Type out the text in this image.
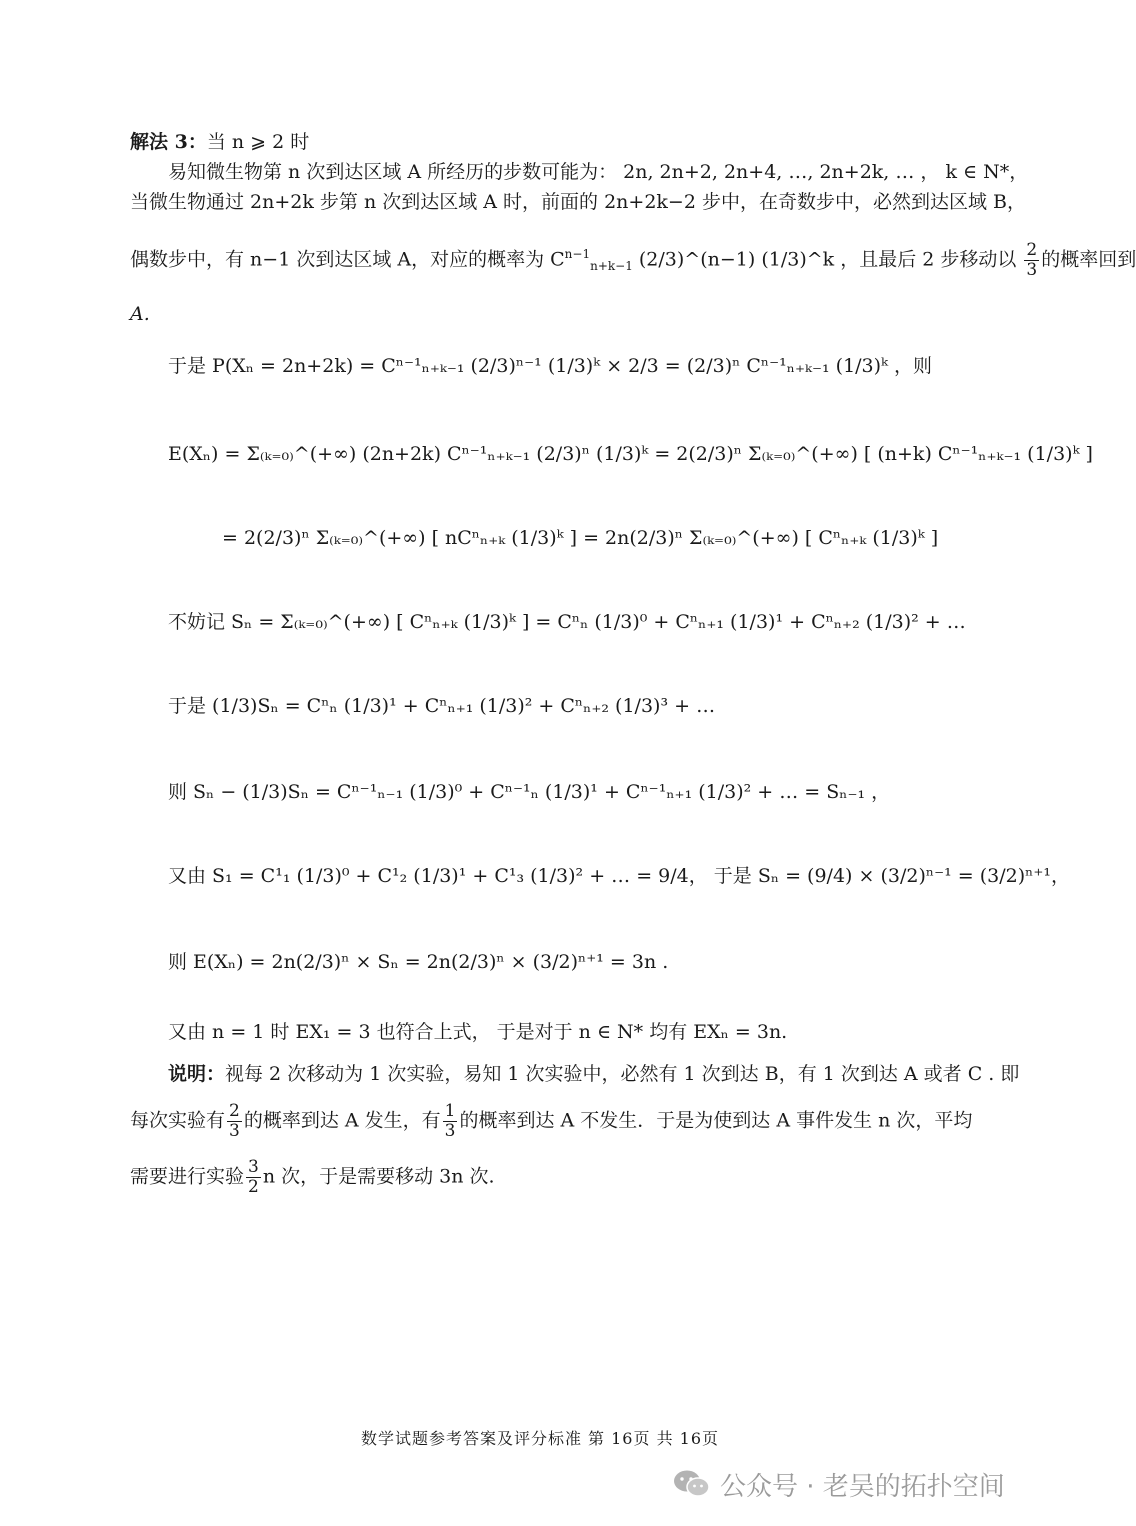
解法 3：当 n ⩾ 2 时
易知微生物第 n 次到达区域 A 所经历的步数可能为： 2n, 2n+2, 2n+4, …, 2n+2k, … ， k ∈ N*，
当微生物通过 2n+2k 步第 n 次到达区域 A 时，前面的 2n+2k−2 步中，在奇数步中，必然到达区域 B，
偶数步中，有 n−1 次到达区域 A，对应的概率为 $C^{n-1}_{n+k-1}$ (2/3)^(n−1) (1/3)^k ，且最后 2 步移动以 $\frac{2}{3}$ 的概率回到
A.
于是 P(Xₙ = 2n+2k) = Cⁿ⁻¹ₙ₊ₖ₋₁ (2/3)ⁿ⁻¹ (1/3)ᵏ × 2/3 = (2/3)ⁿ Cⁿ⁻¹ₙ₊ₖ₋₁ (1/3)ᵏ ，则
E(Xₙ) = Σ₍ₖ₌₀₎^(+∞) (2n+2k) Cⁿ⁻¹ₙ₊ₖ₋₁ (2/3)ⁿ (1/3)ᵏ = 2(2/3)ⁿ Σ₍ₖ₌₀₎^(+∞) [ (n+k) Cⁿ⁻¹ₙ₊ₖ₋₁ (1/3)ᵏ ]
= 2(2/3)ⁿ Σ₍ₖ₌₀₎^(+∞) [ nCⁿₙ₊ₖ (1/3)ᵏ ] = 2n(2/3)ⁿ Σ₍ₖ₌₀₎^(+∞) [ Cⁿₙ₊ₖ (1/3)ᵏ ]
不妨记 Sₙ = Σ₍ₖ₌₀₎^(+∞) [ Cⁿₙ₊ₖ (1/3)ᵏ ] = Cⁿₙ (1/3)⁰ + Cⁿₙ₊₁ (1/3)¹ + Cⁿₙ₊₂ (1/3)² + …
于是 (1/3)Sₙ = Cⁿₙ (1/3)¹ + Cⁿₙ₊₁ (1/3)² + Cⁿₙ₊₂ (1/3)³ + …
则 Sₙ − (1/3)Sₙ = Cⁿ⁻¹ₙ₋₁ (1/3)⁰ + Cⁿ⁻¹ₙ (1/3)¹ + Cⁿ⁻¹ₙ₊₁ (1/3)² + … = Sₙ₋₁ ，
又由 S₁ = C¹₁ (1/3)⁰ + C¹₂ (1/3)¹ + C¹₃ (1/3)² + … = 9/4， 于是 Sₙ = (9/4) × (3/2)ⁿ⁻¹ = (3/2)ⁿ⁺¹，
则 E(Xₙ) = 2n(2/3)ⁿ × Sₙ = 2n(2/3)ⁿ × (3/2)ⁿ⁺¹ = 3n .
又由 n = 1 时 EX₁ = 3 也符合上式， 于是对于 n ∈ N* 均有 EXₙ = 3n.
说明：视每 2 次移动为 1 次实验，易知 1 次实验中，必然有 1 次到达 B，有 1 次到达 A 或者 C . 即
每次实验有 $\frac{2}{3}$ 的概率到达 A 发生，有 $\frac{1}{3}$ 的概率到达 A 不发生．于是为使到达 A 事件发生 n 次，平均
需要进行实验 $\frac{3}{2}$ n 次，于是需要移动 3n 次.
数学试题参考答案及评分标准 第 16页 共 16页
公众号 · 老吴的拓扑空间
